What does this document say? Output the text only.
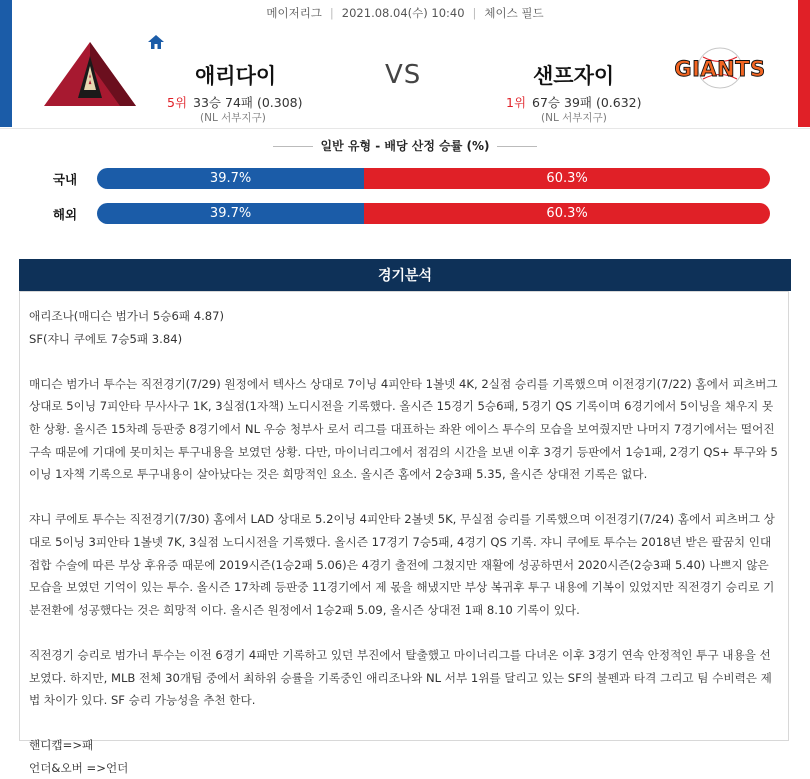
메이저리그 | 2021.08.04(수) 10:40 | 체이스 필드
A	애리다이	VS	샌프자이
5위 33승 74패 (0.308)
(NL 서부지구)
1위 67승 39패 (0.632)
(NL 서부지구)
GIANTS
일반 유형 - 배당 산정 승률 (%)
국내	39.7%	60.3%
해외	39.7%	60.3%
경기분석

애리조나(매디슨 범가너 5승6패 4.87)

SF(쟈니 쿠에토 7승5패 3.84)

매디슨 범가너 투수는 직전경기(7/29) 원정에서 텍사스 상대로 7이닝 4피안타 1볼넷 4K, 2실점 승리를 기록했으며 이전경기(7/22) 홈에서 피츠버그 상대로 5이닝 7피안타 무사사구 1K, 3실점(1자책) 노디시전을 기록했다. 올시즌 15경기 5승6패, 5경기 QS 기록이며 6경기에서 5이닝을 채우지 못한 상황. 올시즌 15차례 등판중 8경기에서 NL 우승 청부사 로서 리그를 대표하는 좌완 에이스 투수의 모습을 보여줬지만 나머지 7경기에서는 떨어진 구속 때문에 기대에 못미치는 투구내용을 보였던 상황. 다만, 마이너리그에서 점검의 시간을 보낸 이후 3경기 등판에서 1승1패, 2경기 QS+ 투구와 5이닝 1자책 기록으로 투구내용이 살아났다는 것은 희망적인 요소. 올시즌 홈에서 2승3패 5.35, 올시즌 상대전 기록은 없다.

쟈니 쿠에토 투수는 직전경기(7/30) 홈에서 LAD 상대로 5.2이닝 4피안타 2볼넷 5K, 무실점 승리를 기록했으며 이전경기(7/24) 홈에서 피츠버그 상대로 5이닝 3피안타 1볼넷 7K, 3실점 노디시전을 기록했다. 올시즌 17경기 7승5패, 4경기 QS 기록. 쟈니 쿠에토 투수는 2018년 받은 팔꿈치 인대접합 수술에 따른 부상 후유증 때문에 2019시즌(1승2패 5.06)은 4경기 출전에 그쳤지만 재활에 성공하면서 2020시즌(2승3패 5.40) 나쁘지 않은 모습을 보였던 기억이 있는 투수. 올시즌 17차례 등판중 11경기에서 제 몫을 해냈지만 부상 복귀후 투구 내용에 기복이 있었지만 직전경기 승리로 기분전환에 성공했다는 것은 희망적 이다. 올시즌 원정에서 1승2패 5.09, 올시즌 상대전 1패 8.10 기록이 있다.

직전경기 승리로 범가너 투수는 이전 6경기 4패만 기록하고 있던 부진에서 탈출했고 마이너리그를 다녀온 이후 3경기 연속 안정적인 투구 내용을 선보였다. 하지만, MLB 전체 30개팀 중에서 최하위 승률을 기록중인 애리조나와 NL 서부 1위를 달리고 있는 SF의 불펜과 타격 그리고 팀 수비력은 제법 차이가 있다. SF 승리 가능성을 추천 한다.

핸디캡=>패

언더&오버 =>언더
